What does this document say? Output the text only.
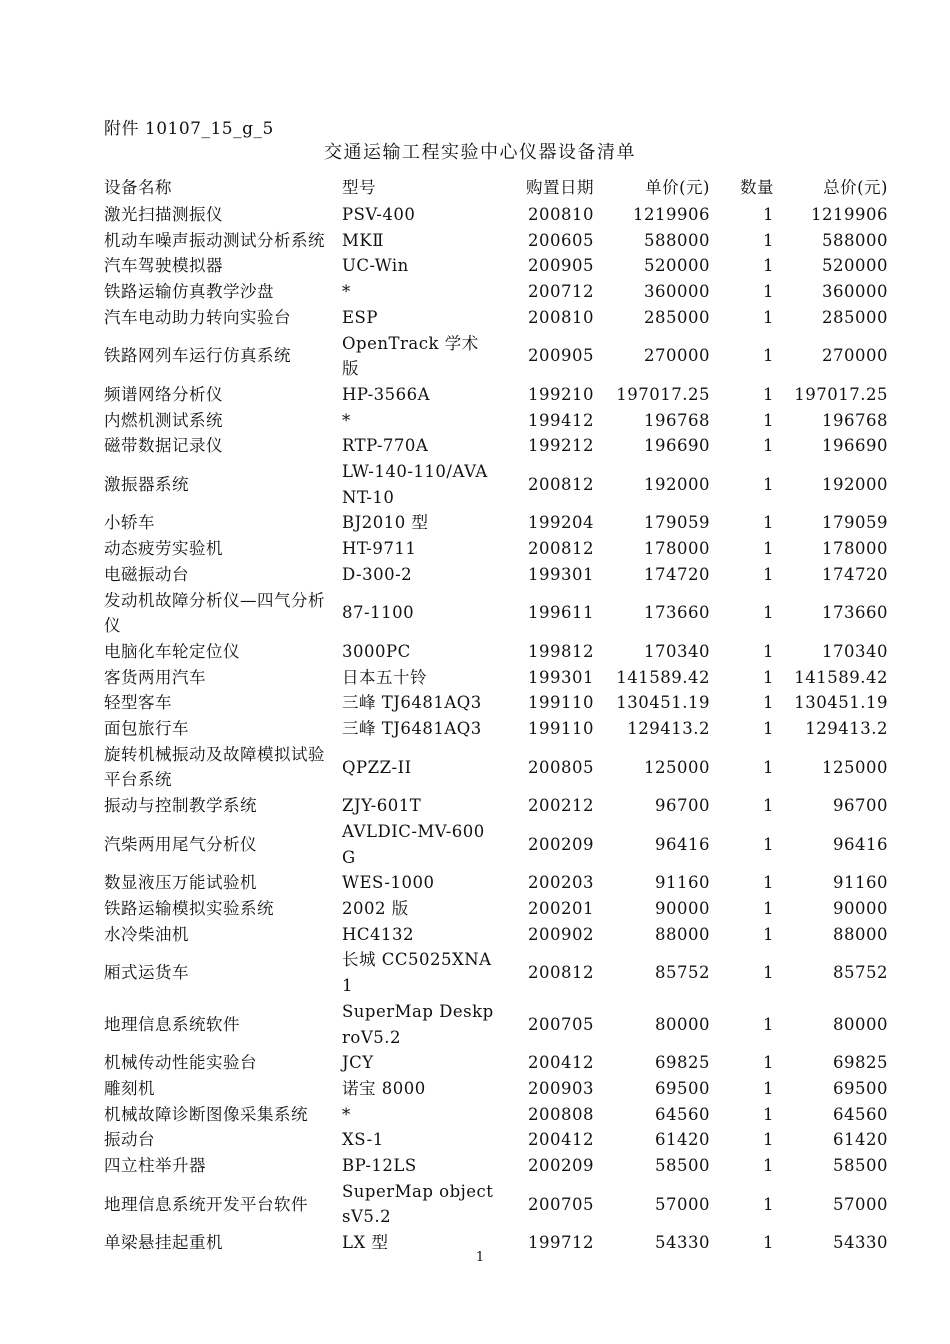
附件 10107_15_g_5
交通运输工程实验中心仪器设备清单
设备名称	型号	购置日期	单价(元)	数量	总价(元)
激光扫描测振仪	PSV-400	200810	1219906	1	1219906
机动车噪声振动测试分析系统	MKⅡ	200605	588000	1	588000
汽车驾驶模拟器	UC-Win	200905	520000	1	520000
铁路运输仿真教学沙盘	*	200712	360000	1	360000
汽车电动助力转向实验台	ESP	200810	285000	1	285000
铁路网列车运行仿真系统	OpenTrack 学术版	200905	270000	1	270000
频谱网络分析仪	HP-3566A	199210	197017.25	1	197017.25
内燃机测试系统	*	199412	196768	1	196768
磁带数据记录仪	RTP-770A	199212	196690	1	196690
激振器系统	LW-140-110/AVANT-10	200812	192000	1	192000
小轿车	BJ2010 型	199204	179059	1	179059
动态疲劳实验机	HT-9711	200812	178000	1	178000
电磁振动台	D-300-2	199301	174720	1	174720
发动机故障分析仪—四气分析仪	87-1100	199611	173660	1	173660
电脑化车轮定位仪	3000PC	199812	170340	1	170340
客货两用汽车	日本五十铃	199301	141589.42	1	141589.42
轻型客车	三峰 TJ6481AQ3	199110	130451.19	1	130451.19
面包旅行车	三峰 TJ6481AQ3	199110	129413.2	1	129413.2
旋转机械振动及故障模拟试验平台系统	QPZZ-II	200805	125000	1	125000
振动与控制教学系统	ZJY-601T	200212	96700	1	96700
汽柴两用尾气分析仪	AVLDIC-MV-600G	200209	96416	1	96416
数显液压万能试验机	WES-1000	200203	91160	1	91160
铁路运输模拟实验系统	2002 版	200201	90000	1	90000
水冷柴油机	HC4132	200902	88000	1	88000
厢式运货车	长城 CC5025XNA1	200812	85752	1	85752
地理信息系统软件	SuperMap DeskproV5.2	200705	80000	1	80000
机械传动性能实验台	JCY	200412	69825	1	69825
雕刻机	诺宝 8000	200903	69500	1	69500
机械故障诊断图像采集系统	*	200808	64560	1	64560
振动台	XS-1	200412	61420	1	61420
四立柱举升器	BP-12LS	200209	58500	1	58500
地理信息系统开发平台软件	SuperMap objectsV5.2	200705	57000	1	57000
单梁悬挂起重机	LX 型	199712	54330	1	54330
1
